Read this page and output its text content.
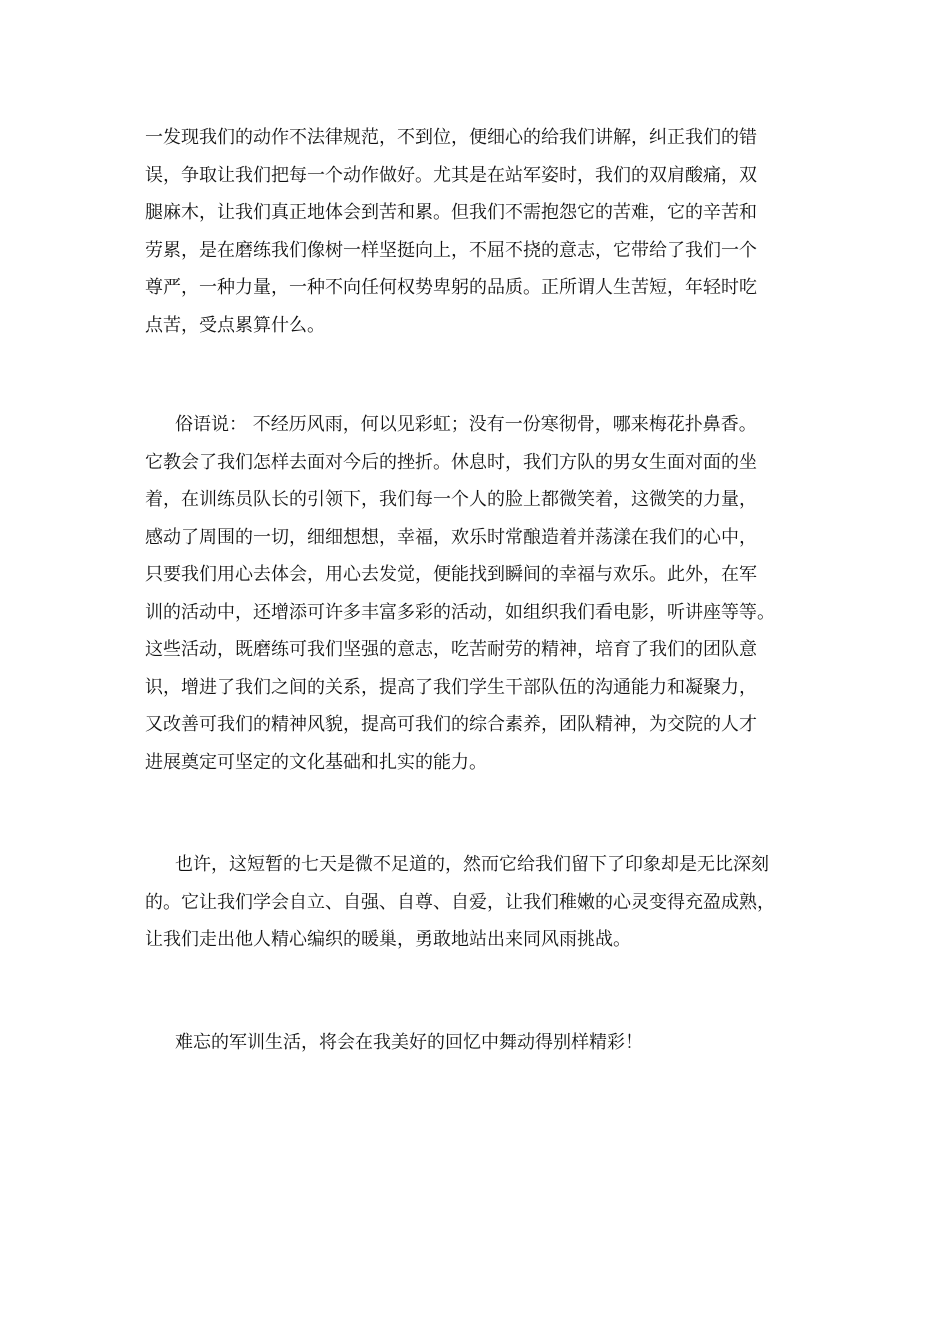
一发现我们的动作不法律规范，不到位，便细心的给我们讲解，纠正我们的错
误，争取让我们把每一个动作做好。尤其是在站军姿时，我们的双肩酸痛，双
腿麻木，让我们真正地体会到苦和累。但我们不需抱怨它的苦难，它的辛苦和
劳累，是在磨练我们像树一样坚挺向上，不屈不挠的意志，它带给了我们一个
尊严，一种力量，一种不向任何权势卑躬的品质。正所谓人生苦短，年轻时吃
点苦，受点累算什么。

俗语说： 不经历风雨，何以见彩虹；没有一份寒彻骨，哪来梅花扑鼻香。
它教会了我们怎样去面对今后的挫折。休息时，我们方队的男女生面对面的坐
着，在训练员队长的引领下，我们每一个人的脸上都微笑着，这微笑的力量，
感动了周围的一切，细细想想，幸福，欢乐时常酿造着并荡漾在我们的心中，
只要我们用心去体会，用心去发觉，便能找到瞬间的幸福与欢乐。此外，在军
训的活动中，还增添可许多丰富多彩的活动，如组织我们看电影，听讲座等等。
这些活动，既磨练可我们坚强的意志，吃苦耐劳的精神，培育了我们的团队意
识，增进了我们之间的关系，提高了我们学生干部队伍的沟通能力和凝聚力，
又改善可我们的精神风貌，提高可我们的综合素养，团队精神，为交院的人才
进展奠定可坚定的文化基础和扎实的能力。

也许，这短暂的七天是微不足道的，然而它给我们留下了印象却是无比深刻
的。它让我们学会自立、自强、自尊、自爱，让我们稚嫩的心灵变得充盈成熟，
让我们走出他人精心编织的暖巢，勇敢地站出来同风雨挑战。

难忘的军训生活，将会在我美好的回忆中舞动得别样精彩！
